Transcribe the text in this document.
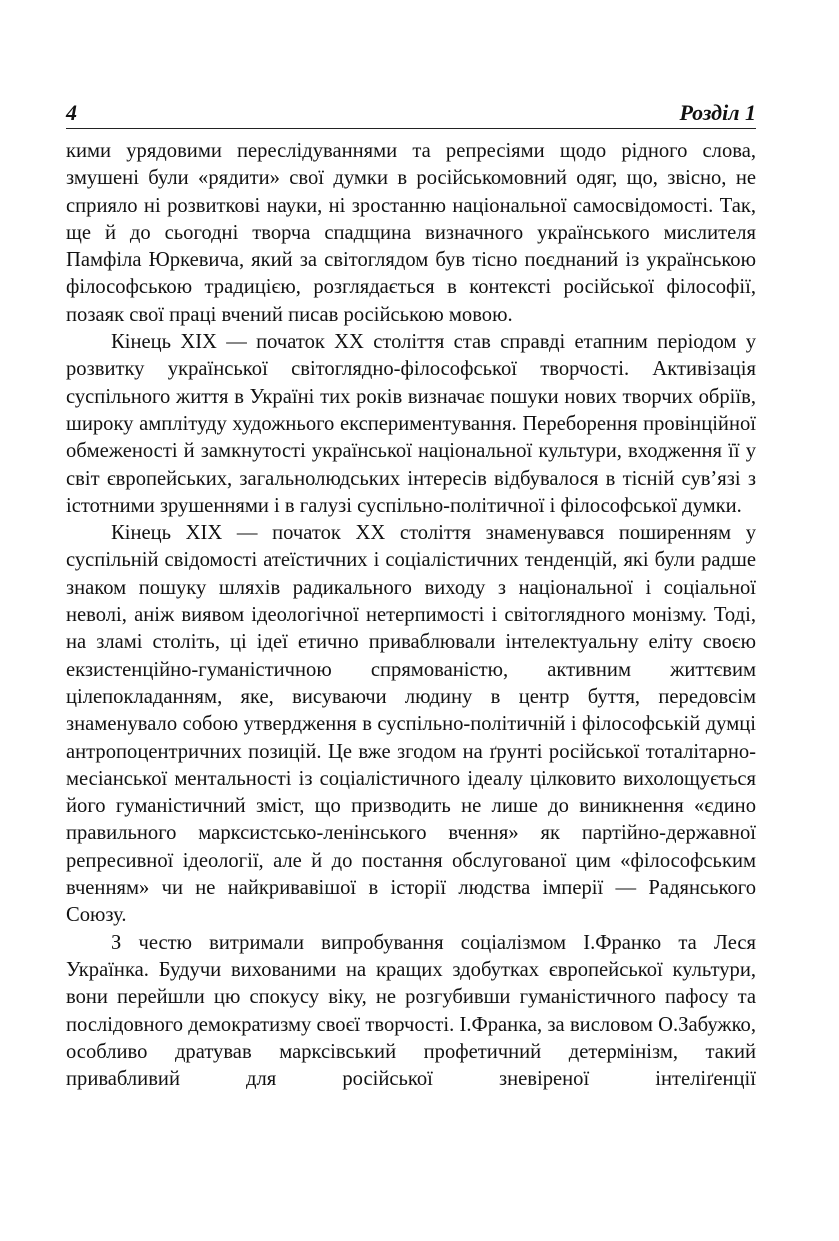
4	Розділ 1

кими урядовими переслідуваннями та репресіями щодо рідного слова, змушені були «рядити» свої думки в російськомовний одяг, що, звісно, не сприяло ні розвиткові науки, ні зростанню національної самосвідомості. Так, ще й до сьогодні творча спадщина визначного українського мислителя Памфіла Юркевича, який за світоглядом був тісно поєднаний із українською філософською традицією, розглядається в контексті російської філософії, позаяк свої праці вчений писав російською мовою.

Кінець XIX — початок XX століття став справді етапним періодом у розвитку української світоглядно-філософської творчості. Активізація суспільного життя в Україні тих років визначає пошуки нових творчих обріїв, широку амплітуду художнього експериментування. Переборення провінційної обмеженості й замкнутості української національної культури, входження її у світ європейських, загальнолюдських інтересів відбувалося в тісній сув’язі з істотними зрушеннями і в галузі суспільно-політичної і філософської думки.

Кінець XIX — початок XX століття знаменувався поширенням у суспільній свідомості атеїстичних і соціалістичних тенденцій, які були радше знаком пошуку шляхів радикального виходу з національної і соціальної неволі, аніж виявом ідеологічної нетерпимості і світоглядного монізму. Тоді, на зламі століть, ці ідеї етично приваблювали інтелектуальну еліту своєю екзистенційно-гуманістичною спрямованістю, активним життєвим цілепокладанням, яке, висуваючи людину в центр буття, передовсім знаменувало собою утвердження в суспільно-політичній і філософській думці антропоцентричних позицій. Це вже згодом на ґрунті російської тоталітарно-месіанської ментальності із соціалістичного ідеалу цілковито вихолощується його гуманістичний зміст, що призводить не лише до виникнення «єдино правильного марксистсько-ленінського вчення» як партійно-державної репресивної ідеології, але й до постання обслугованої цим «філософським вченням» чи не найкривавішої в історії людства імперії — Радянського Союзу.

З честю витримали випробування соціалізмом І.Франко та Леся Українка. Будучи вихованими на кращих здобутках європейської культури, вони перейшли цю спокусу віку, не розгубивши гуманістичного пафосу та послідовного демократизму своєї творчості. І.Франка, за висловом О.Забужко, особливо дратував марксівський профетичний детермінізм, такий привабливий для російської зневіреної інтеліґенції
